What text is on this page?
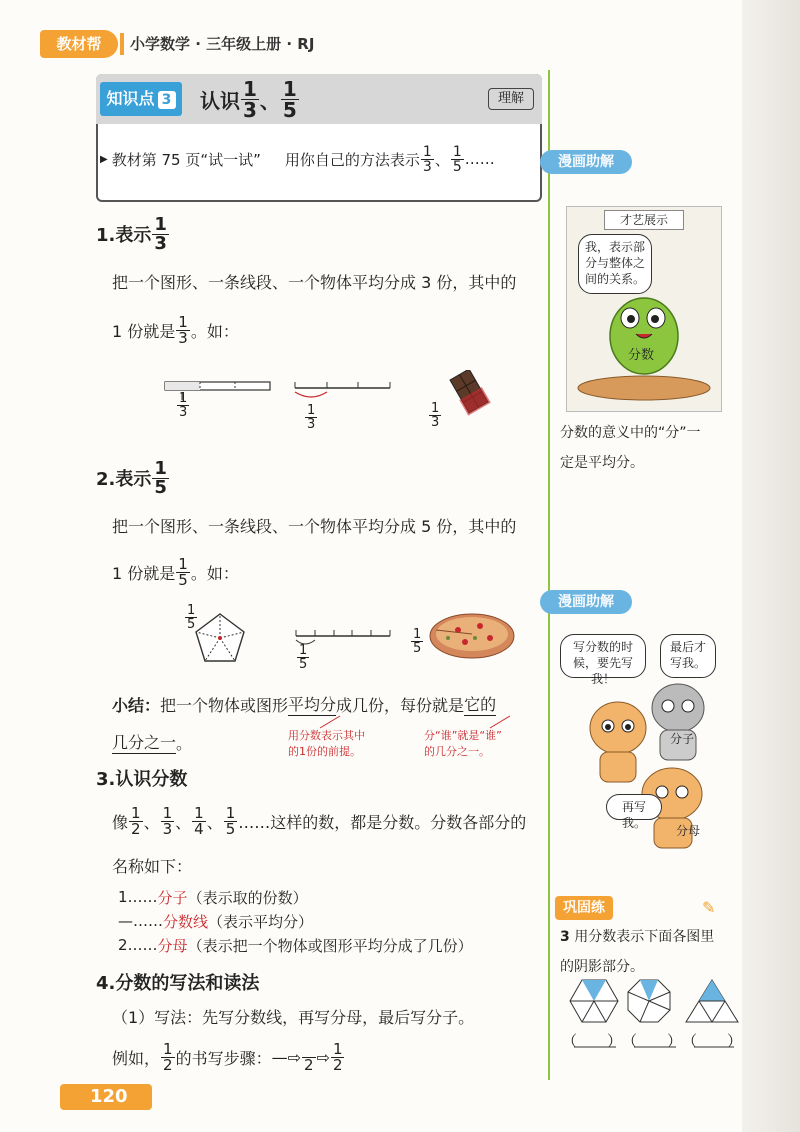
教材帮	小学数学 · 三年级上册 · RJ
知识点 3	认识 $\frac{1}{3}$ 、 $\frac{1}{5}$	理解
▶ 教材第 75 页“试一试” 用你自己的方法表示 $\frac{1}{3}$ 、 $\frac{1}{5}$ ……
1.表示 $\frac{1}{3}$
把一个图形、一条线段、一个物体平均分成 3 份，其中的
1 份就是 $\frac{1}{3}$ 。如：
$\frac{1}{3}$	$\frac{1}{3}$	$\frac{1}{3}$
2.表示 $\frac{1}{5}$
把一个图形、一条线段、一个物体平均分成 5 份，其中的
1 份就是 $\frac{1}{5}$ 。如：
$\frac{1}{5}$
$\frac{1}{5}$
$\frac{1}{5}$
小结： 把一个物体或图形 平均分 成几份，每份就是 它的
几分之一 。	用分数表示其中
的1份的前提。
分“谁”就是“谁”
的几分之一。
3.认识分数
像 $\frac{1}{2}$ 、 $\frac{1}{3}$ 、 $\frac{1}{4}$ 、 $\frac{1}{5}$ ……这样的数，都是分数。分数各部分的
名称如下：
1 …… 分子 （表示取的份数）
— …… 分数线 （表示平均分）
2 …… 分母 （表示把一个物体或图形平均分成了几份）
4.分数的写法和读法
（1）写法：先写分数线，再写分母，最后写分子。
例如， $\frac{1}{2}$ 的书写步骤： — ⇨ 2 ⇨ $\frac{1}{2}$
漫画助解
才艺展示
我，表示部分与整体之间的关系。
分数
分数的意义中的“分”一
定是平均分。
漫画助解
写分数的时候，要先写我！
最后才写我。
分子
再写我。
分母
巩固练	✎
3 用分数表示下面各图里
的阴影部分。
（　　） （　　） （　　）
120
